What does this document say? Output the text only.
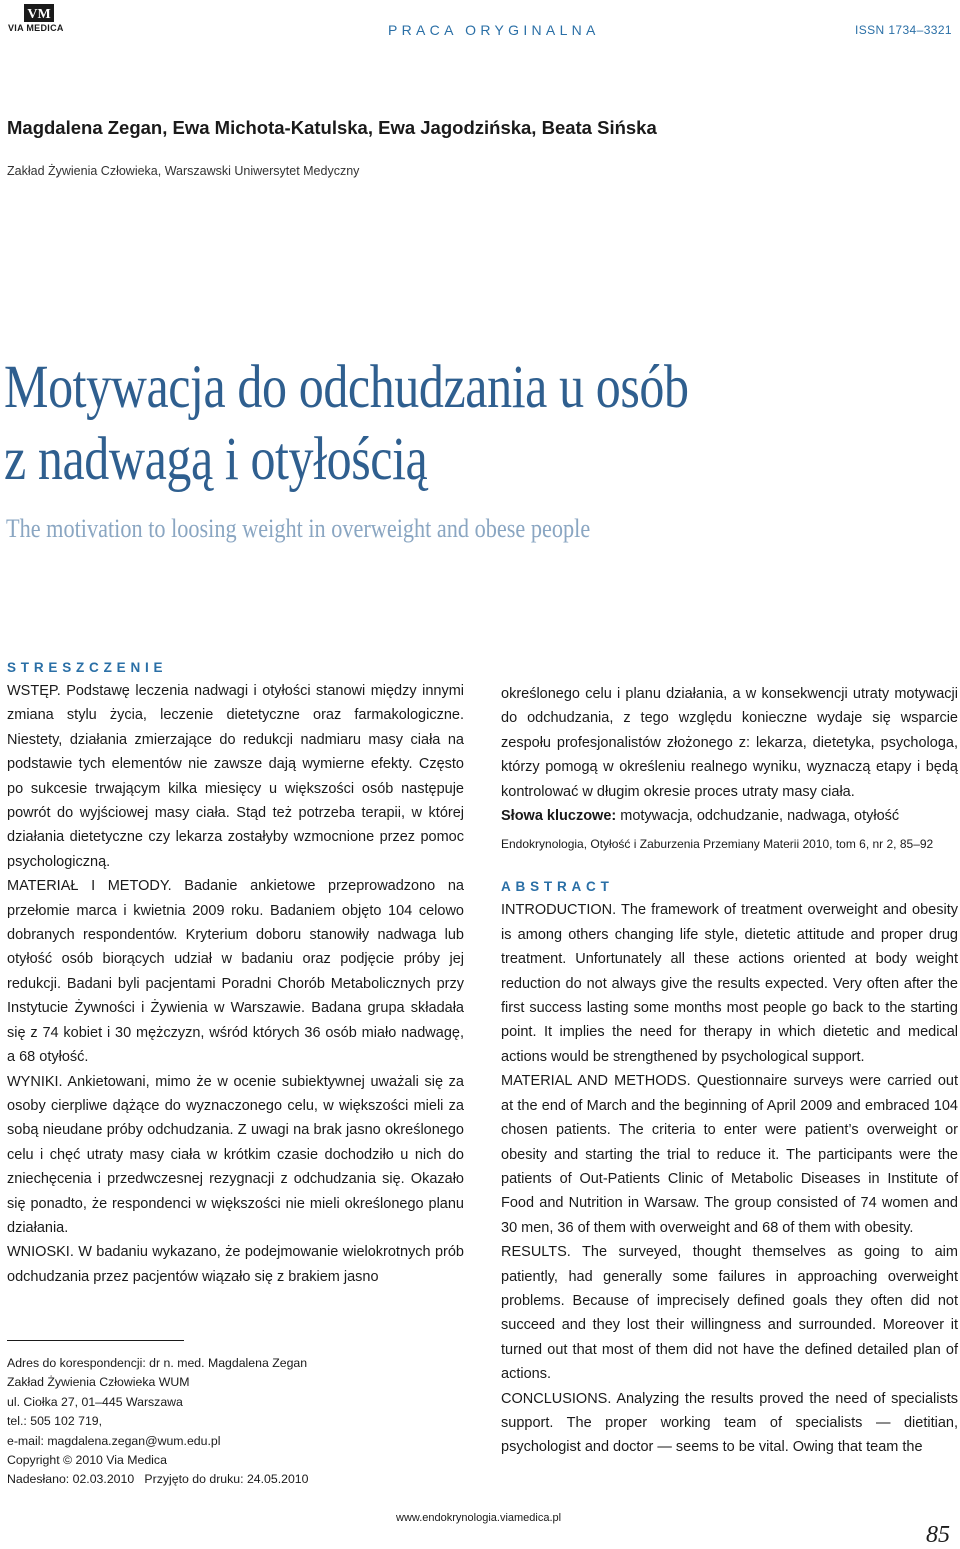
VM
VIA MEDICA	PRACA ORYGINALNA	ISSN 1734–3321
Magdalena Zegan, Ewa Michota-Katulska, Ewa Jagodzińska, Beata Sińska
Zakład Żywienia Człowieka, Warszawski Uniwersytet Medyczny
Motywacja do odchudzania u osób
z nadwagą i otyłością
The motivation to loosing weight in overweight and obese people
STRESZCZENIE

WSTĘP. Podstawę leczenia nadwagi i otyłości stanowi między innymi zmiana stylu życia, leczenie dietetyczne oraz farmakologiczne. Niestety, działania zmierzające do redukcji nadmiaru masy ciała na podstawie tych elementów nie zawsze dają wymierne efekty. Często po sukcesie trwającym kilka miesięcy u większości osób następuje powrót do wyjściowej masy ciała. Stąd też potrzeba terapii, w której działania dietetyczne czy lekarza zostałyby wzmocnione przez pomoc psychologiczną.
MATERIAŁ I METODY. Badanie ankietowe przeprowadzono na przełomie marca i kwietnia 2009 roku. Badaniem objęto 104 celowo dobranych respondentów. Kryterium doboru stanowiły nadwaga lub otyłość osób biorących udział w badaniu oraz podjęcie próby jej redukcji. Badani byli pacjentami Poradni Chorób Metabolicznych przy Instytucie Żywności i Żywienia w Warszawie. Badana grupa składała się z 74 kobiet i 30 mężczyzn, wśród których 36 osób miało nadwagę, a 68 otyłość.
WYNIKI. Ankietowani, mimo że w ocenie subiektywnej uważali się za osoby cierpliwe dążące do wyznaczonego celu, w większości mieli za sobą nieudane próby odchudzania. Z uwagi na brak jasno określonego celu i chęć utraty masy ciała w krótkim czasie dochodziło u nich do zniechęcenia i przedwczesnej rezygnacji z odchudzania się. Okazało się ponadto, że respondenci w większości nie mieli określonego planu działania.
WNIOSKI. W badaniu wykazano, że podejmowanie wielokrotnych prób odchudzania przez pacjentów wiązało się z brakiem jasno

określonego celu i planu działania, a w konsekwencji utraty motywacji do odchudzania, z tego względu konieczne wydaje się wsparcie zespołu profesjonalistów złożonego z: lekarza, dietetyka, psychologa, którzy pomogą w określeniu realnego wyniku, wyznaczą etapy i będą kontrolować w długim okresie proces utraty masy ciała.

Słowa kluczowe: motywacja, odchudzanie, nadwaga, otyłość

Endokrynologia, Otyłość i Zaburzenia Przemiany Materii 2010, tom 6, nr 2, 85–92
ABSTRACT

INTRODUCTION. The framework of treatment overweight and obesity is among others changing life style, dietetic attitude and proper drug treatment. Unfortunately all these actions oriented at body weight reduction do not always give the results expected. Very often after the first success lasting some months most people go back to the starting point. It implies the need for therapy in which dietetic and medical actions would be strengthened by psychological support.
MATERIAL AND METHODS. Questionnaire surveys were carried out at the end of March and the beginning of April 2009 and embraced 104 chosen patients. The criteria to enter were patient’s overweight or obesity and starting the trial to reduce it. The participants were the patients of Out-Patients Clinic of Metabolic Diseases in Institute of Food and Nutrition in Warsaw. The group consisted of 74 women and 30 men, 36 of them with overweight and 68 of them with obesity.
RESULTS. The surveyed, thought themselves as going to aim patiently, had generally some failures in approaching overweight problems. Because of imprecisely defined goals they often did not succeed and they lost their willingness and surrounded. Moreover it turned out that most of them did not have the defined detailed plan of actions.
CONCLUSIONS. Analyzing the results proved the need of specialists support. The proper working team of specialists — dietitian, psychologist and doctor — seems to be vital. Owing that team the

Adres do korespondencji: dr n. med. Magdalena Zegan
Zakład Żywienia Człowieka WUM
ul. Ciołka 27, 01–445 Warszawa
tel.: 505 102 719,
e-mail: magdalena.zegan@wum.edu.pl
Copyright © 2010 Via Medica
Nadesłano: 02.03.2010   Przyjęto do druku: 24.05.2010
www.endokrynologia.viamedica.pl
85
